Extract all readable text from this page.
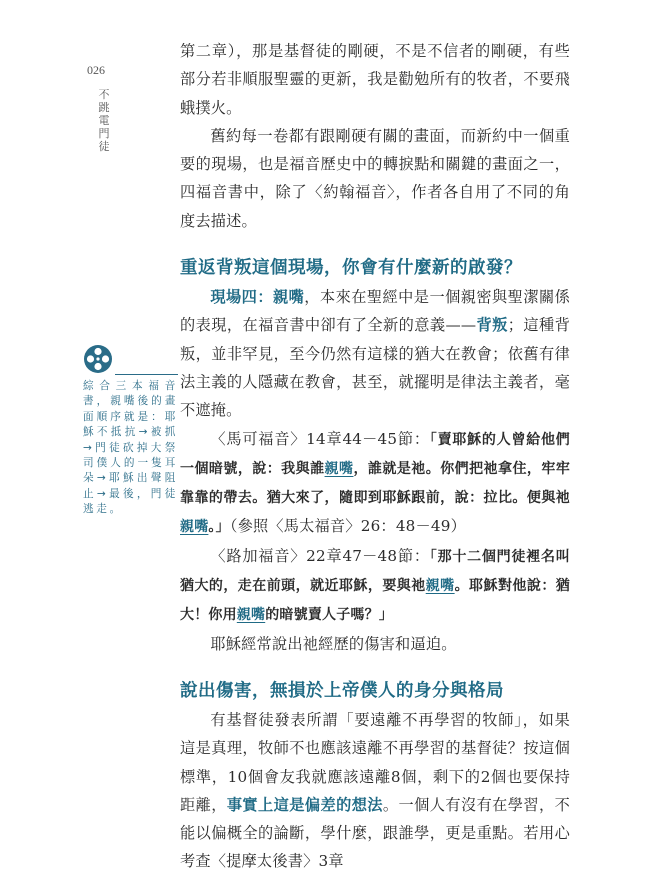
026
不跳電門徒
綜合三本福音書，親嘴後的畫面順序就是：耶穌不抵抗→被抓→門徒砍掉大祭司僕人的一隻耳朵→耶穌出聲阻止→最後，門徒逃走。

第二章），那是基督徒的剛硬，不是不信者的剛硬，有些部分若非順服聖靈的更新，我是勸勉所有的牧者，不要飛蛾撲火。

舊約每一卷都有跟剛硬有關的畫面，而新約中一個重要的現場，也是福音歷史中的轉捩點和關鍵的畫面之一，四福音書中，除了〈約翰福音〉，作者各自用了不同的角度去描述。

重返背叛這個現場，你會有什麼新的啟發？

現場四：親嘴，本來在聖經中是一個親密與聖潔關係的表現，在福音書中卻有了全新的意義——背叛；這種背叛，並非罕見，至今仍然有這樣的猶大在教會；依舊有律法主義的人隱藏在教會，甚至，就擺明是律法主義者，毫不遮掩。

〈馬可福音〉14章44－45節：「賣耶穌的人曾給他們一個暗號，說：我與誰親嘴，誰就是祂。你們把祂拿住，牢牢靠靠的帶去。猶大來了，隨即到耶穌跟前，說：拉比。便與祂親嘴。」（參照〈馬太福音〉26：48－49）

〈路加福音〉22章47－48節：「那十二個門徒裡名叫猶大的，走在前頭，就近耶穌，要與祂親嘴。耶穌對他說：猶大！你用親嘴的暗號賣人子嗎？」

耶穌經常說出祂經歷的傷害和逼迫。

說出傷害，無損於上帝僕人的身分與格局

有基督徒發表所謂「要遠離不再學習的牧師」，如果這是真理，牧師不也應該遠離不再學習的基督徒？按這個標準，10個會友我就應該遠離8個，剩下的2個也要保持距離，事實上這是偏差的想法。一個人有沒有在學習，不能以偏概全的論斷，學什麼，跟誰學，更是重點。若用心考查〈提摩太後書〉3章
